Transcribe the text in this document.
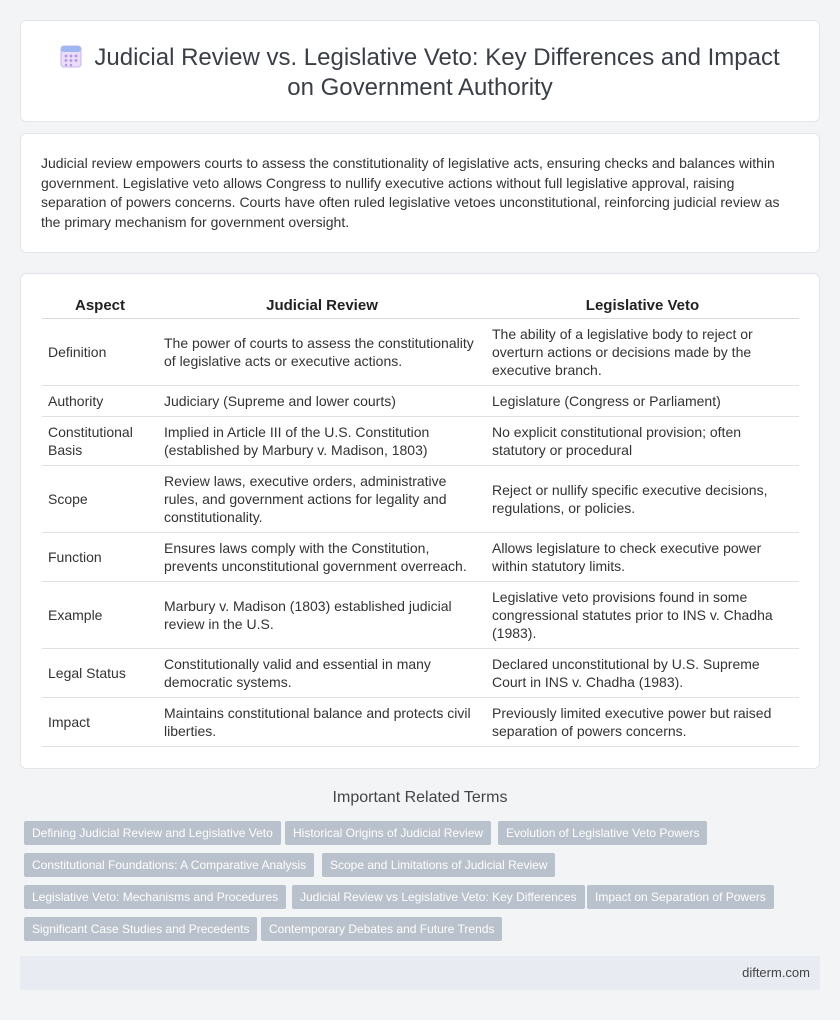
Judicial Review vs. Legislative Veto: Key Differences and Impact
on Government Authority

Judicial review empowers courts to assess the constitutionality of legislative acts, ensuring checks and balances within government. Legislative veto allows Congress to nullify executive actions without full legislative approval, raising separation of powers concerns. Courts have often ruled legislative vetoes unconstitutional, reinforcing judicial review as the primary mechanism for government oversight.

Aspect	Judicial Review	Legislative Veto
Definition	The power of courts to assess the constitutionality of legislative acts or executive actions.	The ability of a legislative body to reject or overturn actions or decisions made by the executive branch.
Authority	Judiciary (Supreme and lower courts)	Legislature (Congress or Parliament)
Constitutional Basis	Implied in Article III of the U.S. Constitution (established by Marbury v. Madison, 1803)	No explicit constitutional provision; often statutory or procedural
Scope	Review laws, executive orders, administrative rules, and government actions for legality and constitutionality.	Reject or nullify specific executive decisions, regulations, or policies.
Function	Ensures laws comply with the Constitution, prevents unconstitutional government overreach.	Allows legislature to check executive power within statutory limits.
Example	Marbury v. Madison (1803) established judicial review in the U.S.	Legislative veto provisions found in some congressional statutes prior to INS v. Chadha (1983).
Legal Status	Constitutionally valid and essential in many democratic systems.	Declared unconstitutional by U.S. Supreme Court in INS v. Chadha (1983).
Impact	Maintains constitutional balance and protects civil liberties.	Previously limited executive power but raised separation of powers concerns.
Important Related Terms
Defining Judicial Review and Legislative Veto	Historical Origins of Judicial Review	Evolution of Legislative Veto Powers
Constitutional Foundations: A Comparative Analysis	Scope and Limitations of Judicial Review
Legislative Veto: Mechanisms and Procedures	Judicial Review vs Legislative Veto: Key Differences	Impact on Separation of Powers
Significant Case Studies and Precedents	Contemporary Debates and Future Trends
difterm.com
